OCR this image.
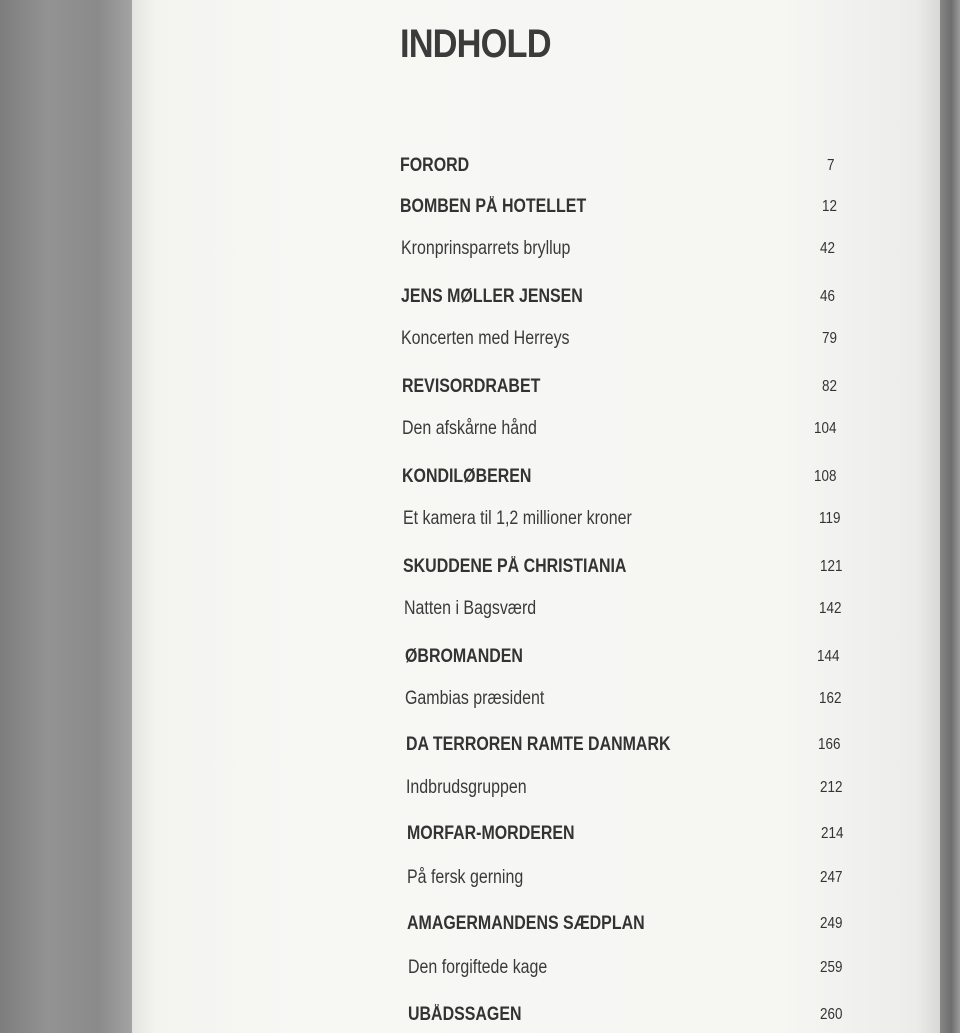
INDHOLD
FORORD	7
BOMBEN PÅ HOTELLET	12
Kronprinsparrets bryllup	42
JENS MØLLER JENSEN	46
Koncerten med Herreys	79
REVISORDRABET	82
Den afskårne hånd	104
KONDILØBEREN	108
Et kamera til 1,2 millioner kroner	119
SKUDDENE PÅ CHRISTIANIA	121
Natten i Bagsværd	142
ØBROMANDEN	144
Gambias præsident	162
DA TERROREN RAMTE DANMARK	166
Indbrudsgruppen	212
MORFAR-MORDEREN	214
På fersk gerning	247
AMAGERMANDENS SÆDPLAN	249
Den forgiftede kage	259
UBÅDSSAGEN	260
